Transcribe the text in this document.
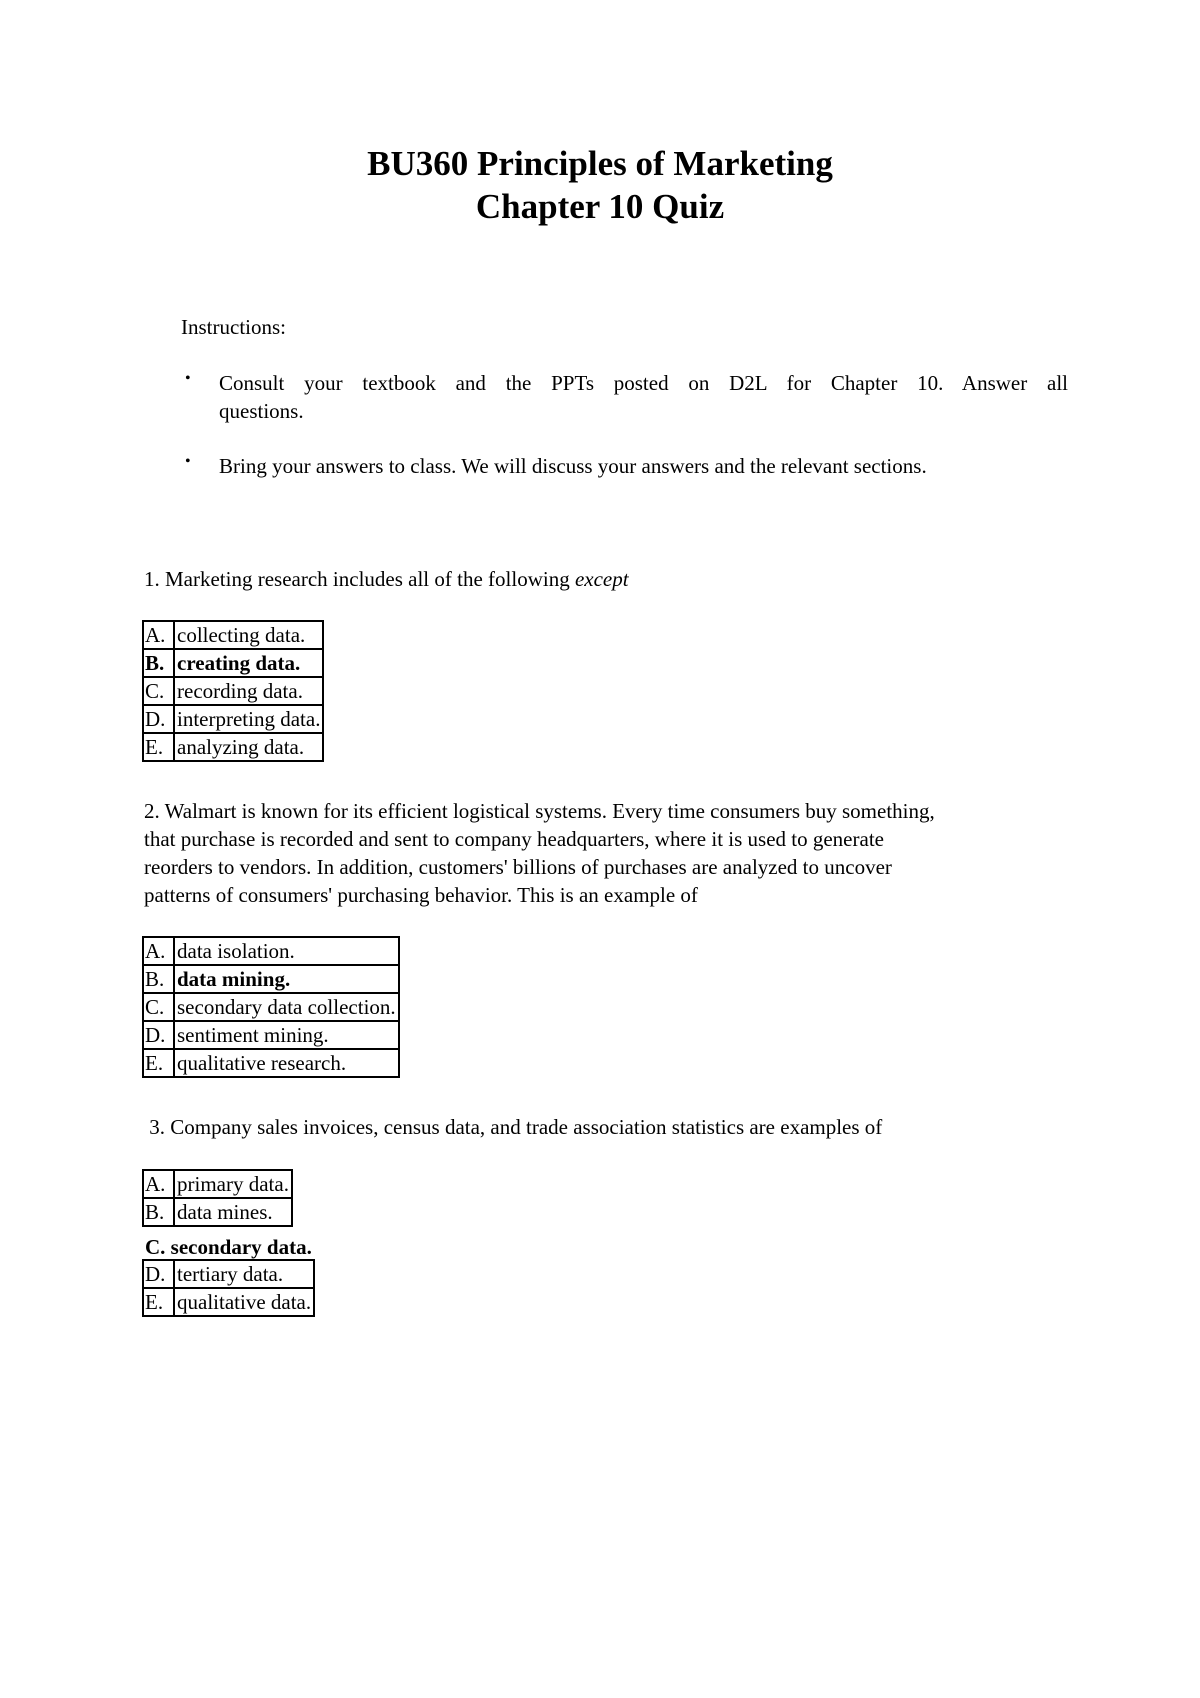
BU360 Principles of Marketing
Chapter 10 Quiz
Instructions:
• Consult your textbook and the PPTs posted on D2L for Chapter 10. Answer all
questions.
• Bring your answers to class. We will discuss your answers and the relevant sections.
1. Marketing research includes all of the following except
A.	collecting data.
B.	creating data.
C.	recording data.
D.	interpreting data.
E.	analyzing data.
2. Walmart is known for its efficient logistical systems. Every time consumers buy something,
that purchase is recorded and sent to company headquarters, where it is used to generate
reorders to vendors. In addition, customers' billions of purchases are analyzed to uncover
patterns of consumers' purchasing behavior. This is an example of
A.	data isolation.
B.	data mining.
C.	secondary data collection.
D.	sentiment mining.
E.	qualitative research.
3. Company sales invoices, census data, and trade association statistics are examples of
A.	primary data.
B.	data mines.
C. secondary data.
D.	tertiary data.
E.	qualitative data.
